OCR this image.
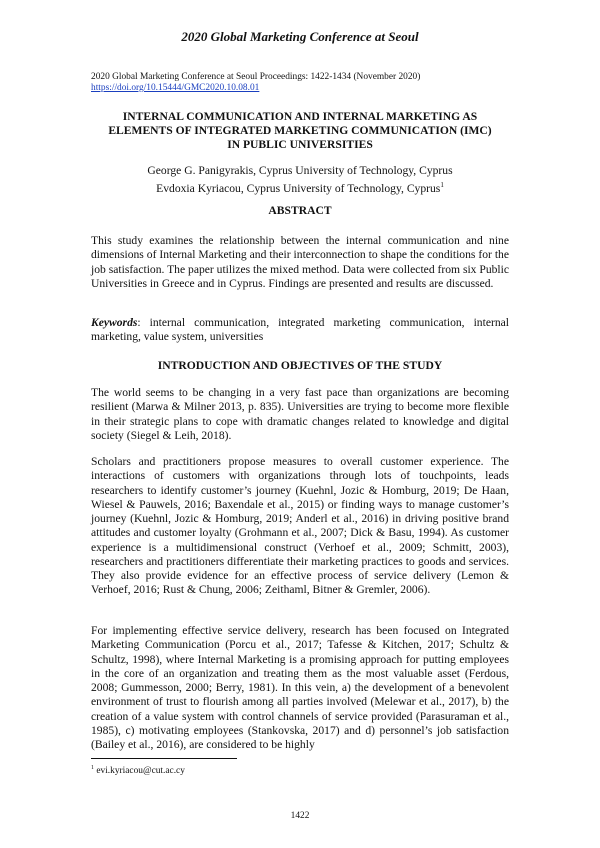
2020 Global Marketing Conference at Seoul
2020 Global Marketing Conference at Seoul Proceedings: 1422-1434 (November 2020)
https://doi.org/10.15444/GMC2020.10.08.01
INTERNAL COMMUNICATION AND INTERNAL MARKETING AS
ELEMENTS OF INTEGRATED MARKETING COMMUNICATION (IMC)
IN PUBLIC UNIVERSITIES
George G. Panigyrakis, Cyprus University of Technology, Cyprus
Evdoxia Kyriacou, Cyprus University of Technology, Cyprus$^1$
ABSTRACT
This study examines the relationship between the internal communication and nine dimensions of Internal Marketing and their interconnection to shape the conditions for the job satisfaction. The paper utilizes the mixed method. Data were collected from six Public Universities in Greece and in Cyprus. Findings are presented and results are discussed.
Keywords: internal communication, integrated marketing communication, internal marketing, value system, universities
INTRODUCTION AND OBJECTIVES OF THE STUDY
The world seems to be changing in a very fast pace than organizations are becoming resilient (Marwa & Milner 2013, p. 835). Universities are trying to become more flexible in their strategic plans to cope with dramatic changes related to knowledge and digital society (Siegel & Leih, 2018).
Scholars and practitioners propose measures to overall customer experience. The interactions of customers with organizations through lots of touchpoints, leads researchers to identify customer’s journey (Kuehnl, Jozic & Homburg, 2019; De Haan, Wiesel & Pauwels, 2016; Baxendale et al., 2015) or finding ways to manage customer’s journey (Kuehnl, Jozic & Homburg, 2019; Anderl et al., 2016) in driving positive brand attitudes and customer loyalty (Grohmann et al., 2007; Dick & Basu, 1994). As customer experience is a multidimensional construct (Verhoef et al., 2009; Schmitt, 2003), researchers and practitioners differentiate their marketing practices to goods and services. They also provide evidence for an effective process of service delivery (Lemon & Verhoef, 2016; Rust & Chung, 2006; Zeithaml, Bitner & Gremler, 2006).
For implementing effective service delivery, research has been focused on Integrated Marketing Communication (Porcu et al., 2017; Tafesse & Kitchen, 2017; Schultz & Schultz, 1998), where Internal Marketing is a promising approach for putting employees in the core of an organization and treating them as the most valuable asset (Ferdous, 2008; Gummesson, 2000; Berry, 1981). In this vein, a) the development of a benevolent environment of trust to flourish among all parties involved (Melewar et al., 2017), b) the creation of a value system with control channels of service provided (Parasuraman et al., 1985), c) motivating employees (Stankovska, 2017) and d) personnel’s job satisfaction (Bailey et al., 2016), are considered to be highly
$^1$ evi.kyriacou@cut.ac.cy
1422
